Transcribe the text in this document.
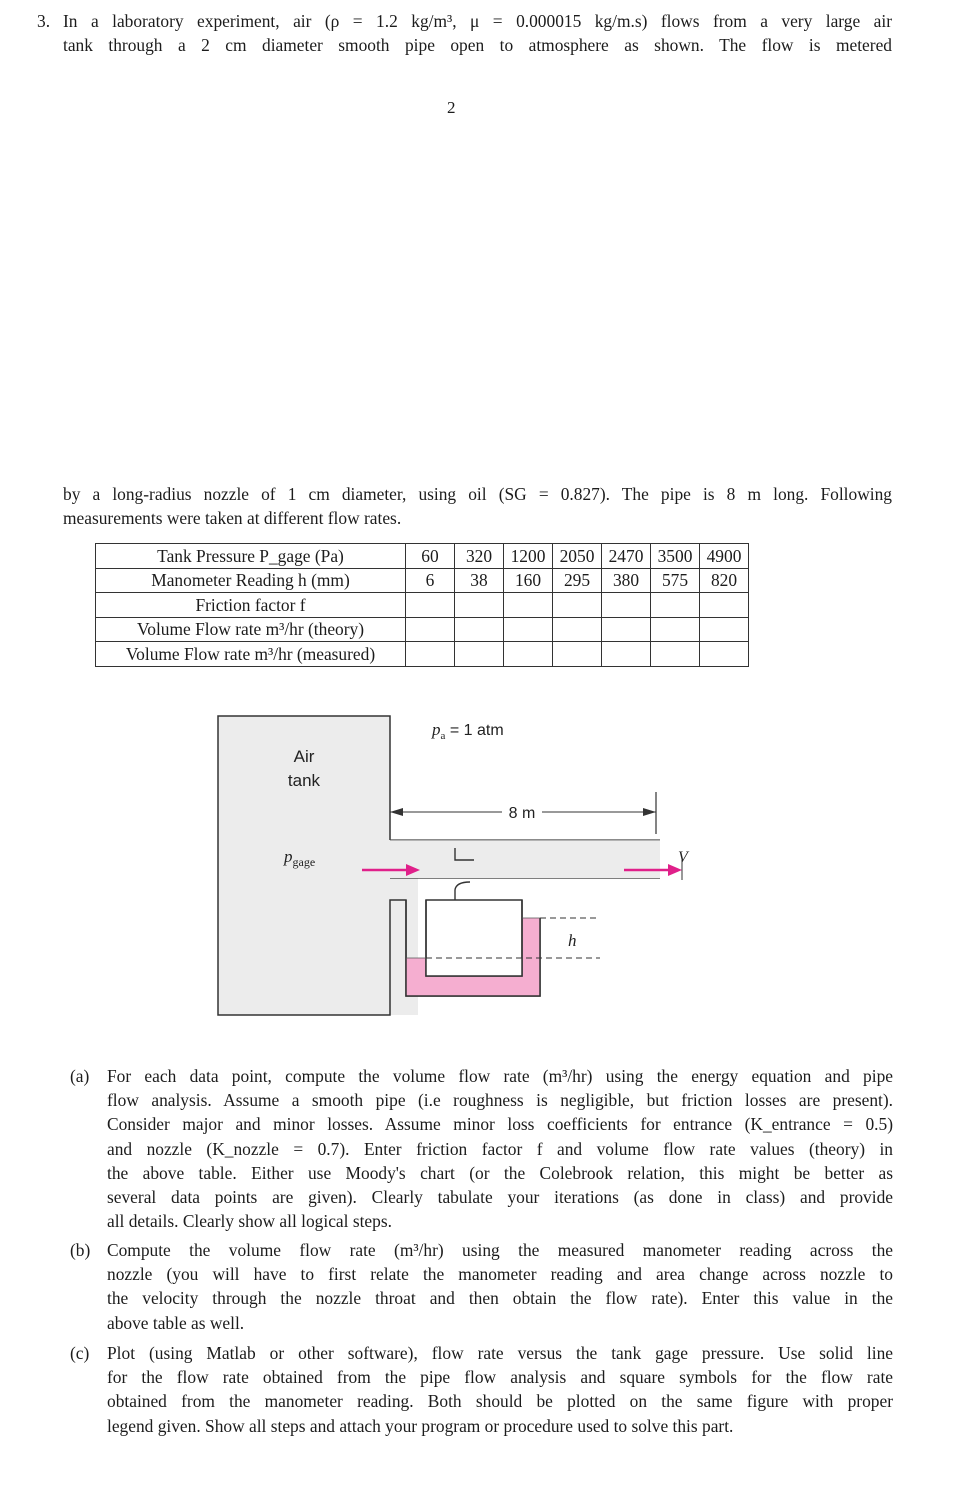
3. In a laboratory experiment, air (ρ = 1.2 kg/m³, μ = 0.000015 kg/m.s) flows from a very large air
tank through a 2 cm diameter smooth pipe open to atmosphere as shown. The flow is metered
2
by a long-radius nozzle of 1 cm diameter, using oil (SG = 0.827). The pipe is 8 m long. Following
measurements were taken at different flow rates.
Tank Pressure P_gage (Pa)	60	320	1200	2050	2470	3500	4900
Manometer Reading h (mm)	6	38	160	295	380	575	820
Friction factor f							
Volume Flow rate m³/hr (theory)							
Volume Flow rate m³/hr (measured)							
Air
tank
$p_{gage}$
$p_a = 1$ atm
8 m
V
h
(a) For each data point, compute the volume flow rate (m³/hr) using the energy equation and pipe
flow analysis. Assume a smooth pipe (i.e roughness is negligible, but friction losses are present).
Consider major and minor losses. Assume minor loss coefficients for entrance (K_entrance = 0.5)
and nozzle (K_nozzle = 0.7). Enter friction factor f and volume flow rate values (theory) in
the above table. Either use Moody's chart (or the Colebrook relation, this might be better as
several data points are given). Clearly tabulate your iterations (as done in class) and provide
all details. Clearly show all logical steps.
(b) Compute the volume flow rate (m³/hr) using the measured manometer reading across the
nozzle (you will have to first relate the manometer reading and area change across nozzle to
the velocity through the nozzle throat and then obtain the flow rate). Enter this value in the
above table as well.
(c) Plot (using Matlab or other software), flow rate versus the tank gage pressure. Use solid line
for the flow rate obtained from the pipe flow analysis and square symbols for the flow rate
obtained from the manometer reading. Both should be plotted on the same figure with proper
legend given. Show all steps and attach your program or procedure used to solve this part.
